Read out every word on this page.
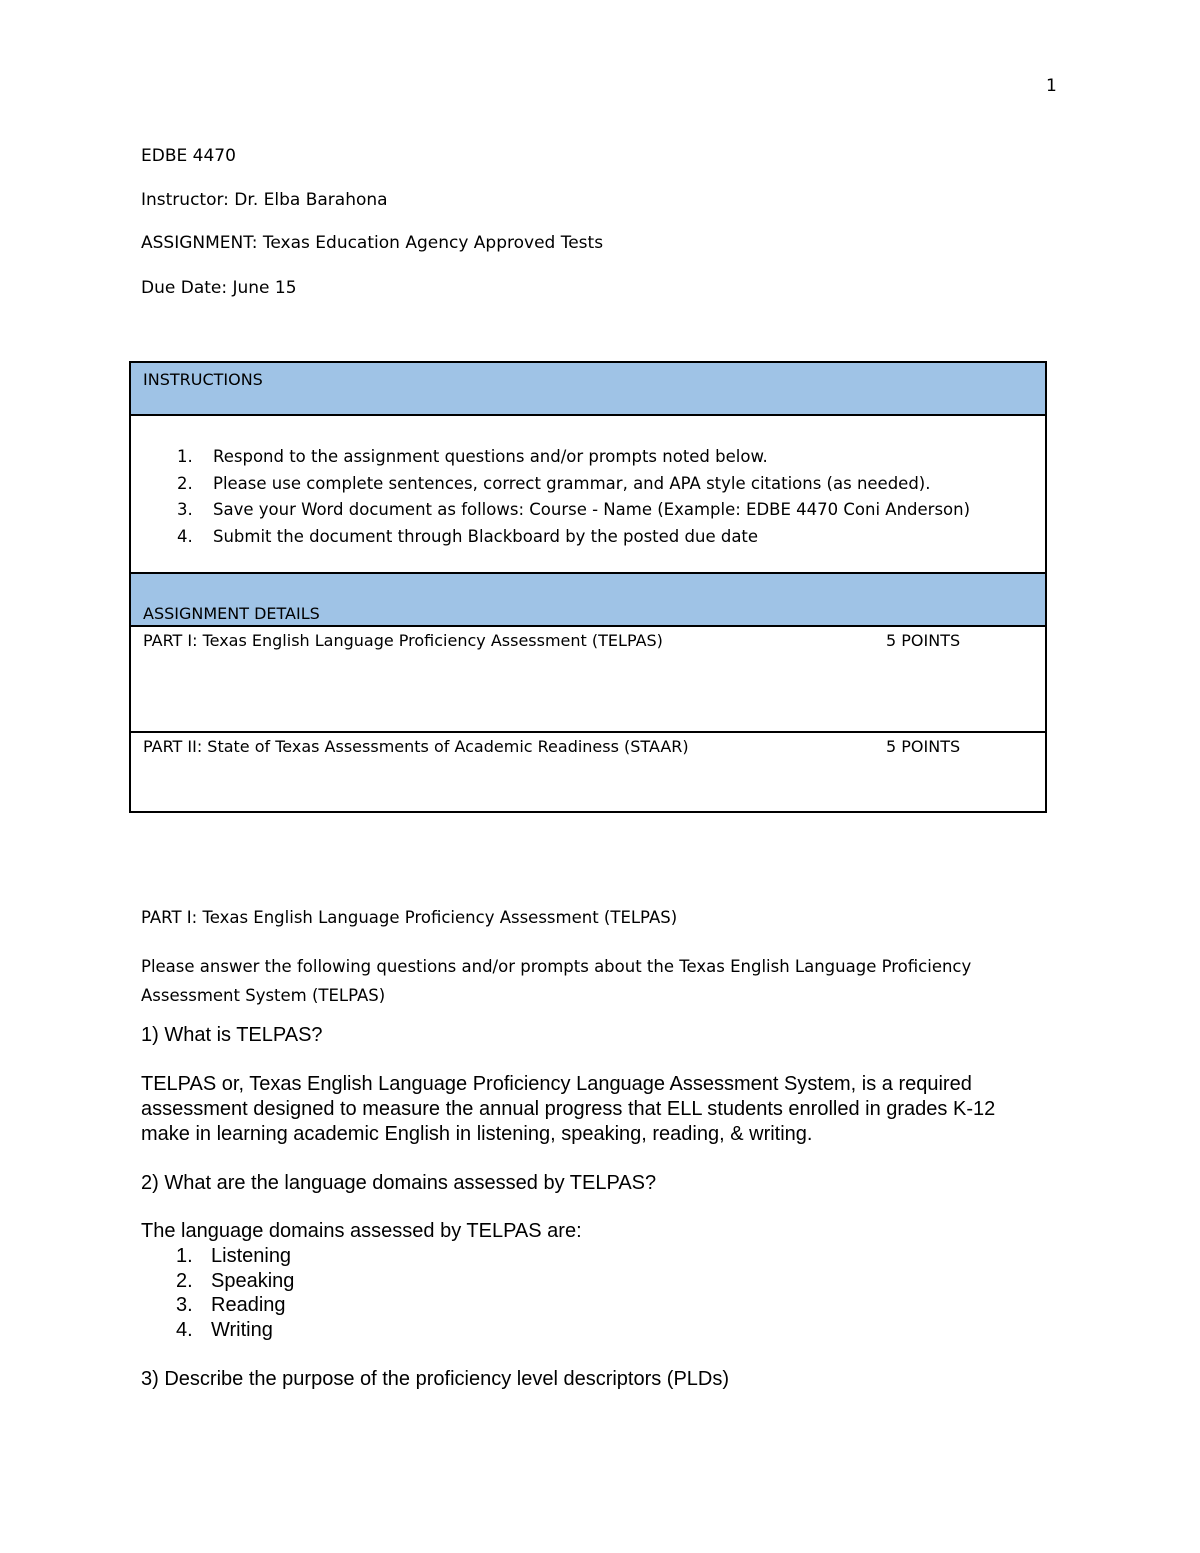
1
EDBE 4470
Instructor: Dr. Elba Barahona
ASSIGNMENT: Texas Education Agency Approved Tests
Due Date: June 15
INSTRUCTIONS

1. Respond to the assignment questions and/or prompts noted below.
2. Please use complete sentences, correct grammar, and APA style citations (as needed).
3. Save your Word document as follows: Course - Name (Example: EDBE 4470 Coni Anderson)
4. Submit the document through Blackboard by the posted due date

ASSIGNMENT DETAILS

PART I: Texas English Language Proficiency Assessment (TELPAS)	5 POINTS

PART II: State of Texas Assessments of Academic Readiness (STAAR)	5 POINTS
PART I: Texas English Language Proficiency Assessment (TELPAS)
Please answer the following questions and/or prompts about the Texas English Language Proficiency Assessment System (TELPAS)
1) What is TELPAS?
TELPAS or, Texas English Language Proficiency Language Assessment System, is a required assessment designed to measure the annual progress that ELL students enrolled in grades K-12 make in learning academic English in listening, speaking, reading, & writing.
2) What are the language domains assessed by TELPAS?
The language domains assessed by TELPAS are:
1. Listening
2. Speaking
3. Reading
4. Writing
3) Describe the purpose of the proficiency level descriptors (PLDs)
